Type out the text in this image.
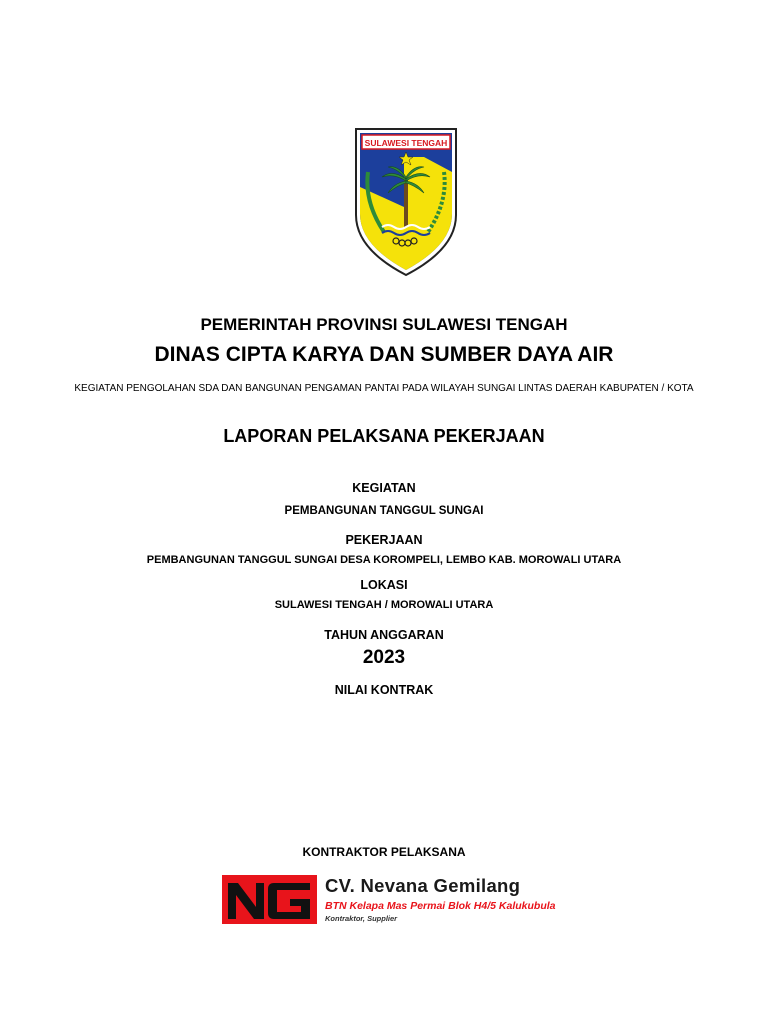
SULAWESI TENGAH
PEMERINTAH PROVINSI SULAWESI TENGAH
DINAS CIPTA KARYA DAN SUMBER DAYA AIR
KEGIATAN PENGOLAHAN SDA DAN BANGUNAN PENGAMAN PANTAI PADA WILAYAH SUNGAI LINTAS DAERAH KABUPATEN / KOTA
LAPORAN PELAKSANA PEKERJAAN
KEGIATAN
PEMBANGUNAN TANGGUL SUNGAI
PEKERJAAN
PEMBANGUNAN TANGGUL SUNGAI DESA KOROMPELI, LEMBO KAB. MOROWALI UTARA
LOKASI
SULAWESI TENGAH / MOROWALI UTARA
TAHUN ANGGARAN
2023
NILAI KONTRAK
KONTRAKTOR PELAKSANA
CV. Nevana Gemilang
BTN Kelapa Mas Permai Blok H4/5 Kalukubula
Kontraktor, Supplier
